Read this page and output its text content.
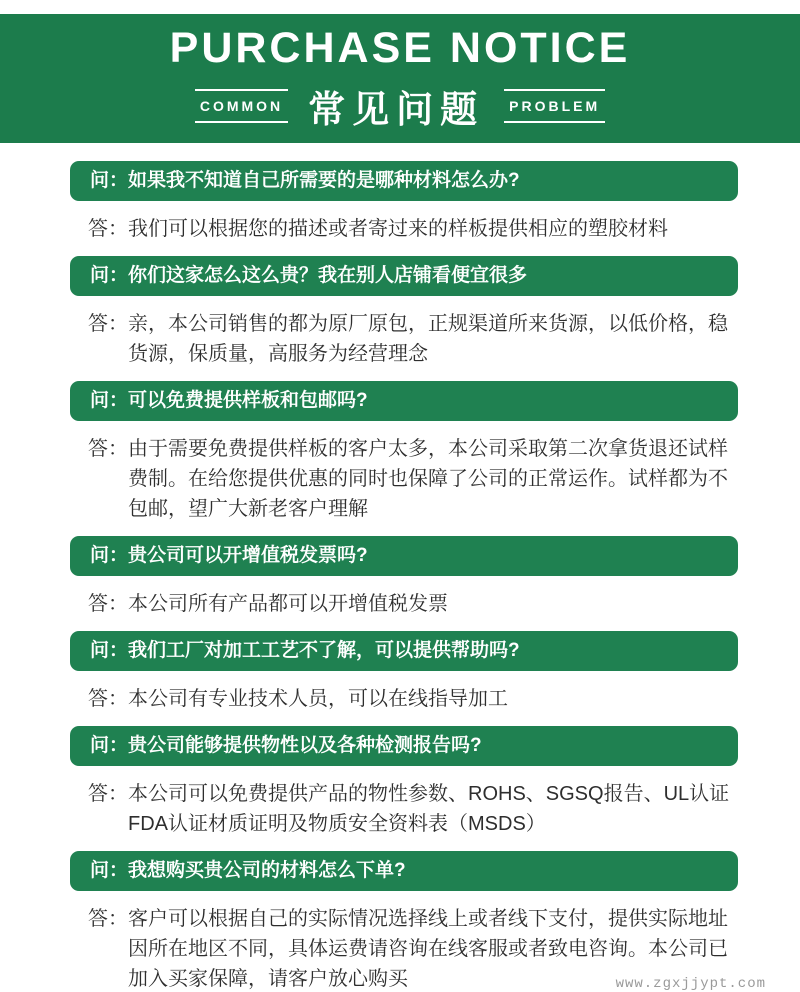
PURCHASE NOTICE
COMMON 常见问题	PROBLEM
问：如果我不知道自己所需要的是哪种材料怎么办?
答： 我们可以根据您的描述或者寄过来的样板提供相应的塑胶材料
问：你们这家怎么这么贵？我在别人店铺看便宜很多
答： 亲，本公司销售的都为原厂原包，正规渠道所来货源，以低价格，稳货源，保质量，高服务为经营理念
问：可以免费提供样板和包邮吗?
答： 由于需要免费提供样板的客户太多，本公司采取第二次拿货退还试样费制。在给您提供优惠的同时也保障了公司的正常运作。试样都为不包邮，望广大新老客户理解
问：贵公司可以开增值税发票吗?
答： 本公司所有产品都可以开增值税发票
问：我们工厂对加工工艺不了解，可以提供帮助吗?
答： 本公司有专业技术人员，可以在线指导加工
问：贵公司能够提供物性以及各种检测报告吗?
答： 本公司可以免费提供产品的物性参数、ROHS、SGSQ报告、UL认证 FDA认证材质证明及物质安全资料表（MSDS）
问：我想购买贵公司的材料怎么下单?
答： 客户可以根据自己的实际情况选择线上或者线下支付，提供实际地址因所在地区不同，具体运费请咨询在线客服或者致电咨询。本公司已加入买家保障，请客户放心购买	www.zgxjjypt.com
